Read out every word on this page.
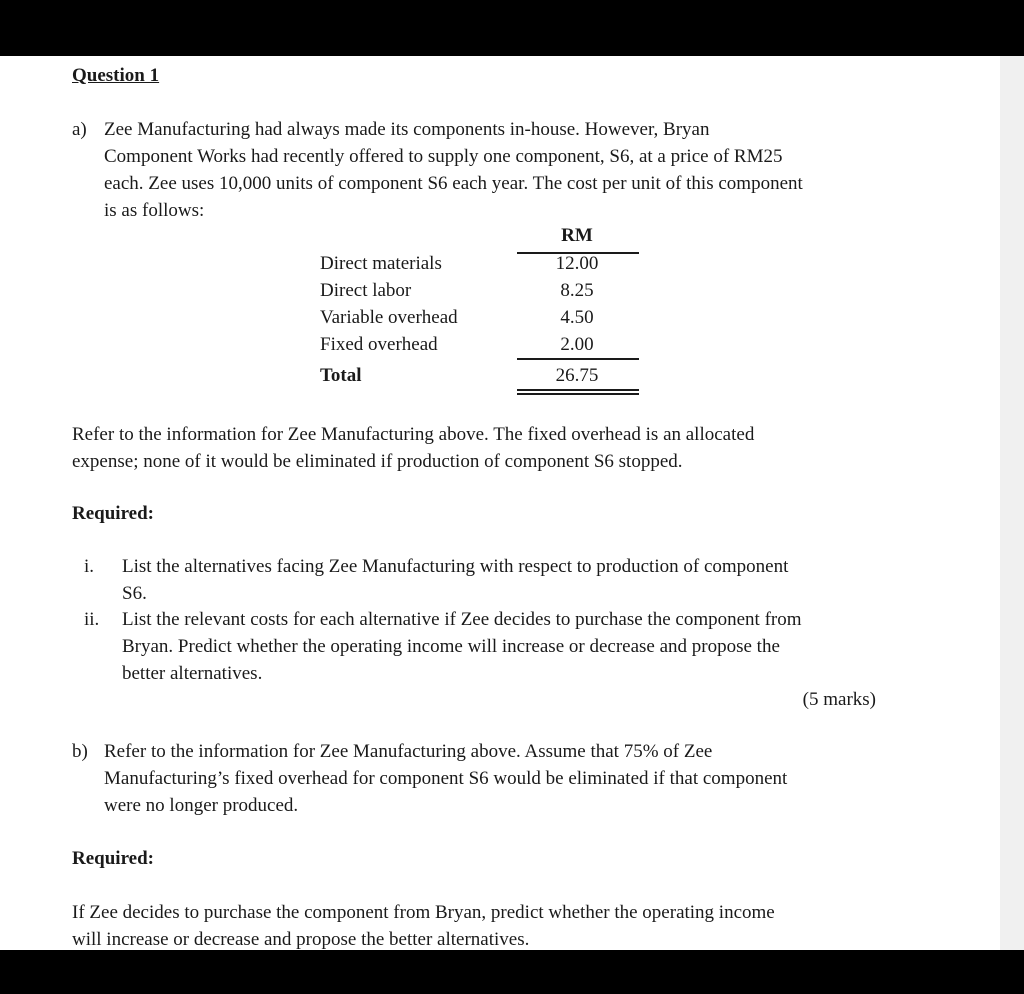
Question 1
a) Zee Manufacturing had always made its components in-house. However, Bryan
Component Works had recently offered to supply one component, S6, at a price of RM25
each. Zee uses 10,000 units of component S6 each year. The cost per unit of this component
is as follows:
RM
Direct materials	12.00
Direct labor	8.25
Variable overhead	4.50
Fixed overhead	2.00
Total	26.75
Refer to the information for Zee Manufacturing above. The fixed overhead is an allocated
expense; none of it would be eliminated if production of component S6 stopped.
Required:
i. List the alternatives facing Zee Manufacturing with respect to production of component
S6.
ii. List the relevant costs for each alternative if Zee decides to purchase the component from
Bryan. Predict whether the operating income will increase or decrease and propose the
better alternatives.
(5 marks)
b) Refer to the information for Zee Manufacturing above. Assume that 75% of Zee
Manufacturing’s fixed overhead for component S6 would be eliminated if that component
were no longer produced.
Required:
If Zee decides to purchase the component from Bryan, predict whether the operating income
will increase or decrease and propose the better alternatives.
